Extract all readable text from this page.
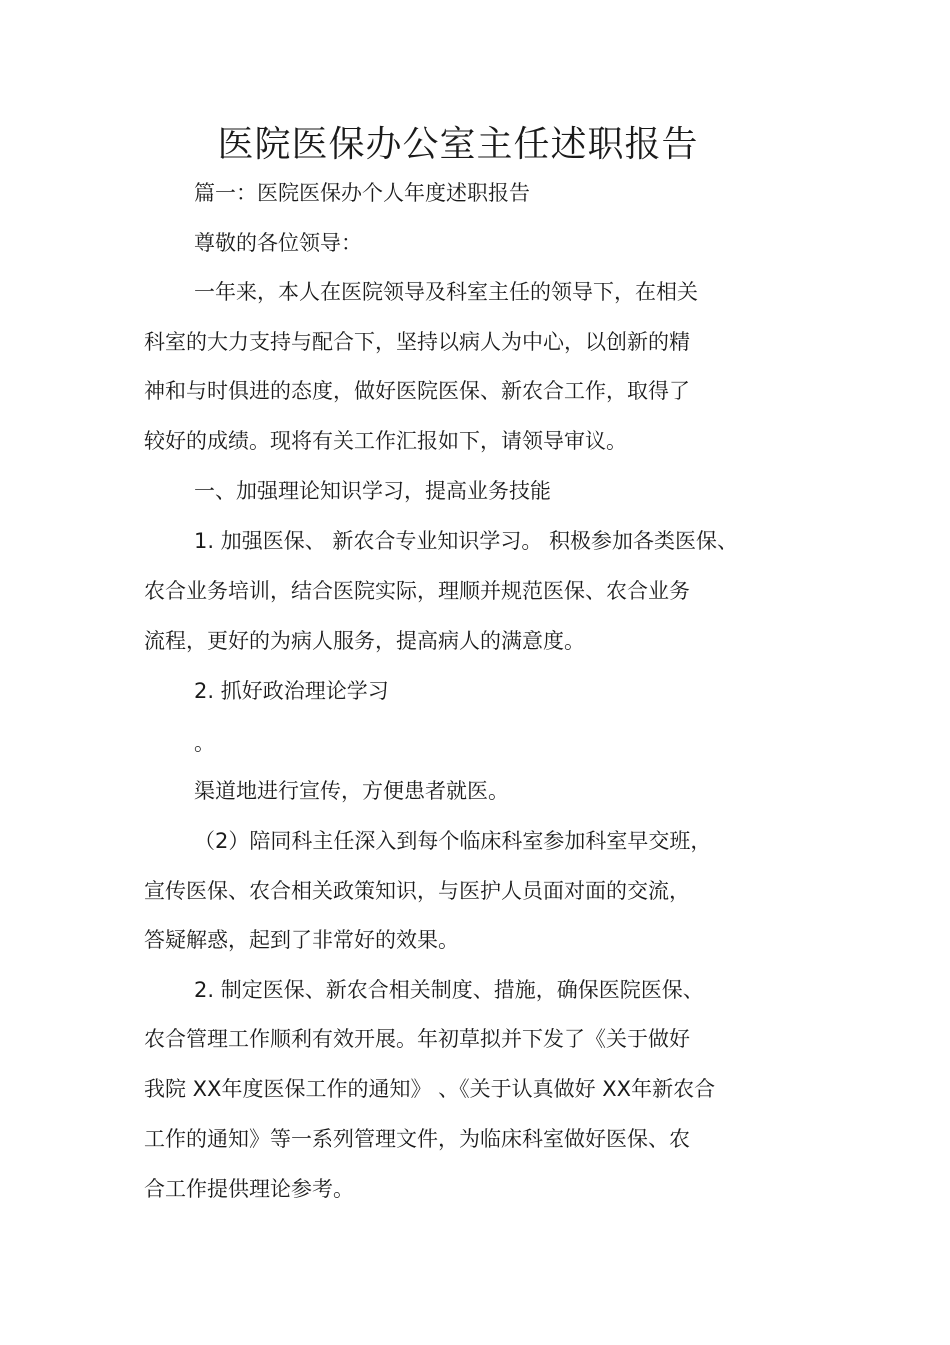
医院医保办公室主任述职报告
篇一：医院医保办个人年度述职报告
尊敬的各位领导：
一年来，本人在医院领导及科室主任的领导下，在相关
科室的大力支持与配合下，坚持以病人为中心，以创新的精
神和与时俱进的态度，做好医院医保、新农合工作，取得了
较好的成绩。现将有关工作汇报如下，请领导审议。
一、加强理论知识学习，提高业务技能
1. 加强医保、 新农合专业知识学习。 积极参加各类医保、
农合业务培训，结合医院实际，理顺并规范医保、农合业务
流程，更好的为病人服务，提高病人的满意度。
2. 抓好政治理论学习
。
渠道地进行宣传，方便患者就医。
（2）陪同科主任深入到每个临床科室参加科室早交班，
宣传医保、农合相关政策知识，与医护人员面对面的交流，
答疑解惑，起到了非常好的效果。
2. 制定医保、新农合相关制度、措施，确保医院医保、
农合管理工作顺利有效开展。年初草拟并下发了《关于做好
我院 XX年度医保工作的通知》 、《关于认真做好 XX年新农合
工作的通知》等一系列管理文件，为临床科室做好医保、农
合工作提供理论参考。
